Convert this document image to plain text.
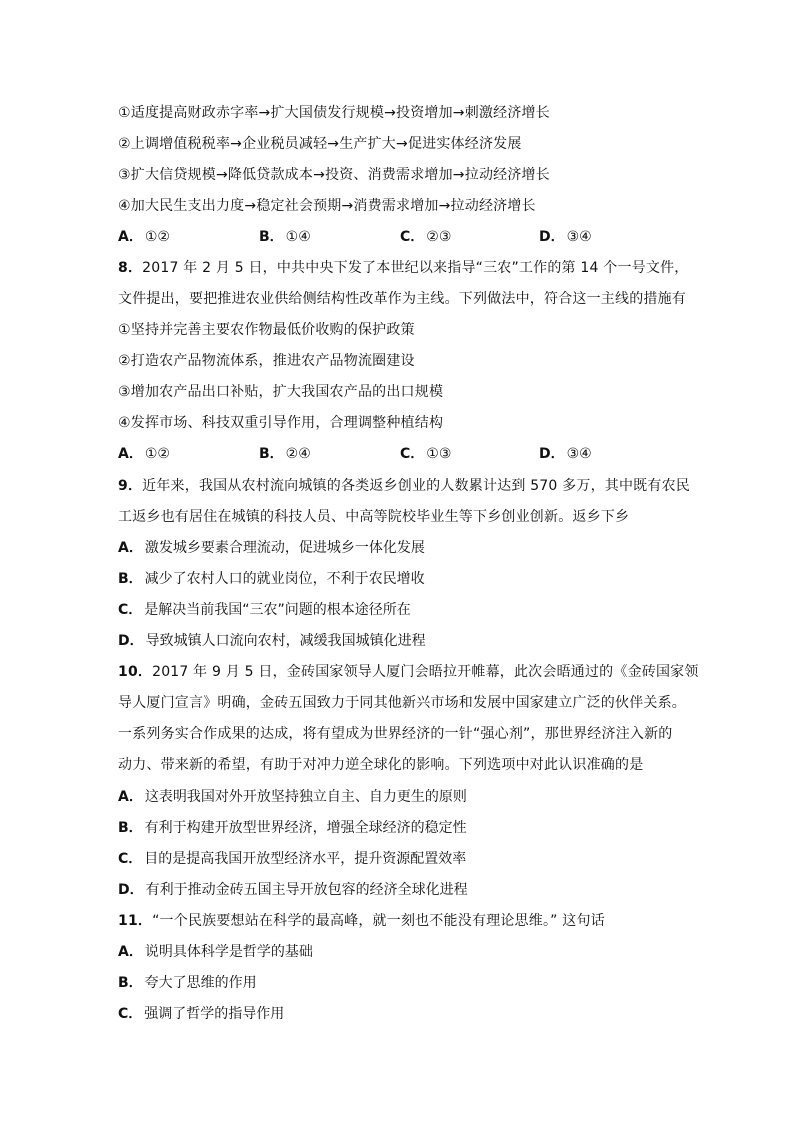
①适度提高财政赤字率→扩大国债发行规模→投资增加→刺激经济增长
②上调增值税税率→企业税员减轻→生产扩大→促进实体经济发展
③扩大信贷规模→降低贷款成本→投资、消费需求增加→拉动经济增长
④加大民生支出力度→稳定社会预期→消费需求增加→拉动经济增长
A． ①②	B． ①④	C． ②③	D． ③④
8．2017 年 2 月 5 日，中共中央下发了本世纪以来指导“三农”工作的第 14 个一号文件，
文件提出，要把推进农业供给侧结构性改革作为主线。下列做法中，符合这一主线的措施有
①坚持并完善主要农作物最低价收购的保护政策
②打造农产品物流体系，推进农产品物流圈建设
③增加农产品出口补贴，扩大我国农产品的出口规模
④发挥市场、科技双重引导作用，合理调整种植结构
A． ①②	B． ②④	C． ①③	D． ③④
9．近年来，我国从农村流向城镇的各类返乡创业的人数累计达到 570 多万，其中既有农民
工返乡也有居住在城镇的科技人员、中高等院校毕业生等下乡创业创新。返乡下乡
A． 激发城乡要素合理流动，促进城乡一体化发展
B． 减少了农村人口的就业岗位，不利于农民增收
C． 是解决当前我国“三农”问题的根本途径所在
D． 导致城镇人口流向农村，减缓我国城镇化进程
10．2017 年 9 月 5 日，金砖国家领导人厦门会晤拉开帷幕，此次会晤通过的《金砖国家领
导人厦门宣言》明确，金砖五国致力于同其他新兴市场和发展中国家建立广泛的伙伴关系。
一系列务实合作成果的达成，将有望成为世界经济的一针“强心剂”，那世界经济注入新的
动力、带来新的希望，有助于对冲力逆全球化的影响。下列选项中对此认识准确的是
A． 这表明我国对外开放坚持独立自主、自力更生的原则
B． 有利于构建开放型世界经济，增强全球经济的稳定性
C． 目的是提高我国开放型经济水平，提升资源配置效率
D． 有利于推动金砖五国主导开放包容的经济全球化进程
11．“一个民族要想站在科学的最高峰，就一刻也不能没有理论思维。” 这句话
A． 说明具体科学是哲学的基础
B． 夸大了思维的作用
C． 强调了哲学的指导作用
